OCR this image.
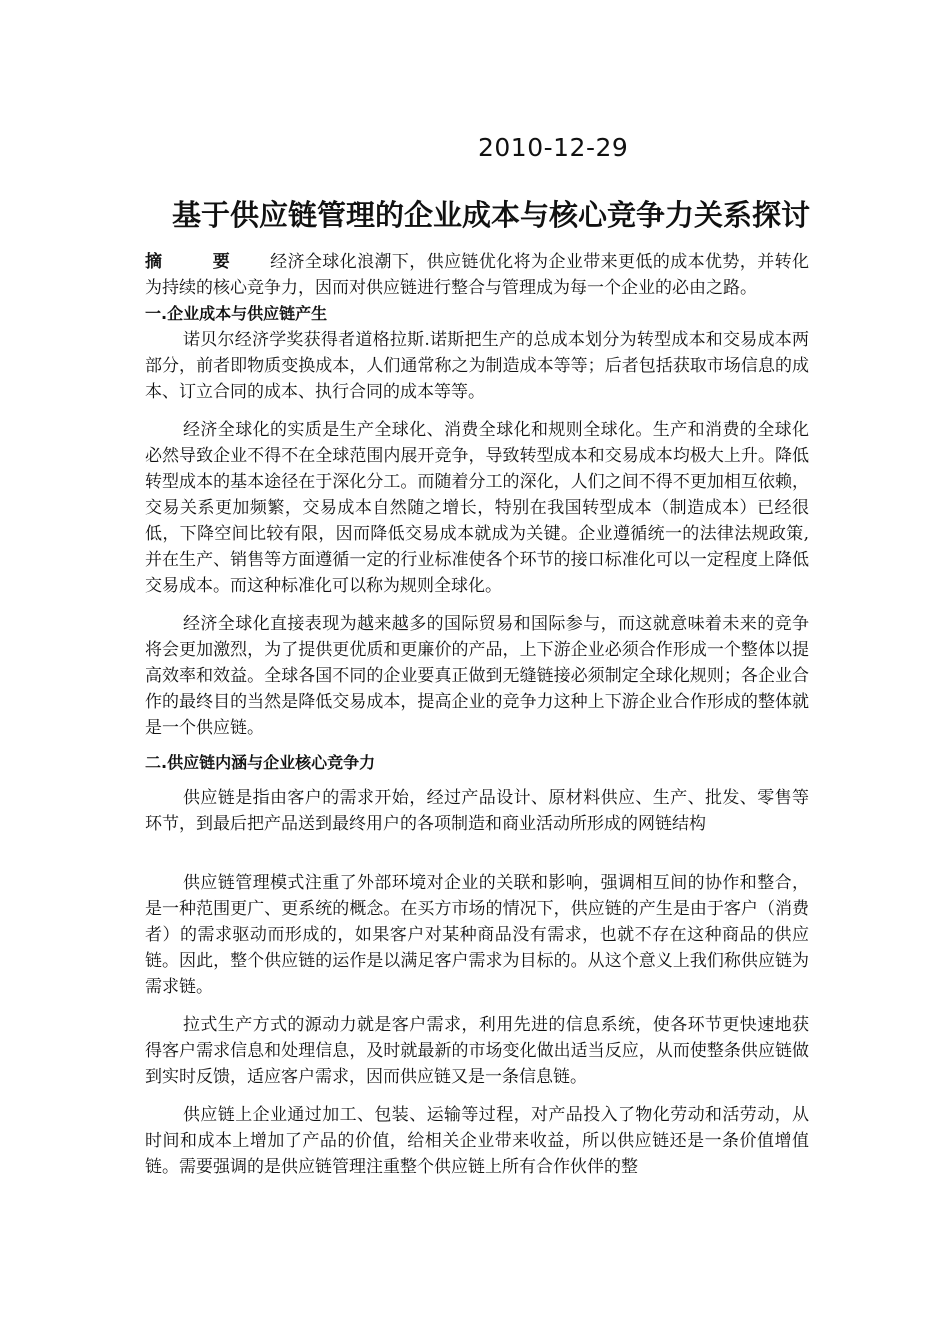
2010-12-29
基于供应链管理的企业成本与核心竞争力关系探讨

摘 要 经济全球化浪潮下，供应链优化将为企业带来更低的成本优势，并转化为持续的核心竞争力，因而对供应链进行整合与管理成为每一个企业的必由之路。

一.企业成本与供应链产生

诺贝尔经济学奖获得者道格拉斯.诺斯把生产的总成本划分为转型成本和交易成本两部分，前者即物质变换成本，人们通常称之为制造成本等等；后者包括获取市场信息的成本、订立合同的成本、执行合同的成本等等。

经济全球化的实质是生产全球化、消费全球化和规则全球化。生产和消费的全球化必然导致企业不得不在全球范围内展开竞争，导致转型成本和交易成本均极大上升。降低转型成本的基本途径在于深化分工。而随着分工的深化，人们之间不得不更加相互依赖，交易关系更加频繁，交易成本自然随之增长，特别在我国转型成本（制造成本）已经很低，下降空间比较有限，因而降低交易成本就成为关键。企业遵循统一的法律法规政策,并在生产、销售等方面遵循一定的行业标准使各个环节的接口标准化可以一定程度上降低交易成本。而这种标准化可以称为规则全球化。

经济全球化直接表现为越来越多的国际贸易和国际参与，而这就意味着未来的竞争将会更加激烈，为了提供更优质和更廉价的产品，上下游企业必须合作形成一个整体以提高效率和效益。全球各国不同的企业要真正做到无缝链接必须制定全球化规则；各企业合作的最终目的当然是降低交易成本，提高企业的竞争力这种上下游企业合作形成的整体就是一个供应链。

二.供应链内涵与企业核心竞争力

供应链是指由客户的需求开始，经过产品设计、原材料供应、生产、批发、零售等环节，到最后把产品送到最终用户的各项制造和商业活动所形成的网链结构

供应链管理模式注重了外部环境对企业的关联和影响，强调相互间的协作和整合，是一种范围更广、更系统的概念。在买方市场的情况下，供应链的产生是由于客户（消费者）的需求驱动而形成的，如果客户对某种商品没有需求，也就不存在这种商品的供应链。因此，整个供应链的运作是以满足客户需求为目标的。从这个意义上我们称供应链为需求链。

拉式生产方式的源动力就是客户需求，利用先进的信息系统，使各环节更快速地获得客户需求信息和处理信息，及时就最新的市场变化做出适当反应，从而使整条供应链做到实时反馈，适应客户需求，因而供应链又是一条信息链。

供应链上企业通过加工、包装、运输等过程，对产品投入了物化劳动和活劳动，从时间和成本上增加了产品的价值，给相关企业带来收益，所以供应链还是一条价值增值链。需要强调的是供应链管理注重整个供应链上所有合作伙伴的整
